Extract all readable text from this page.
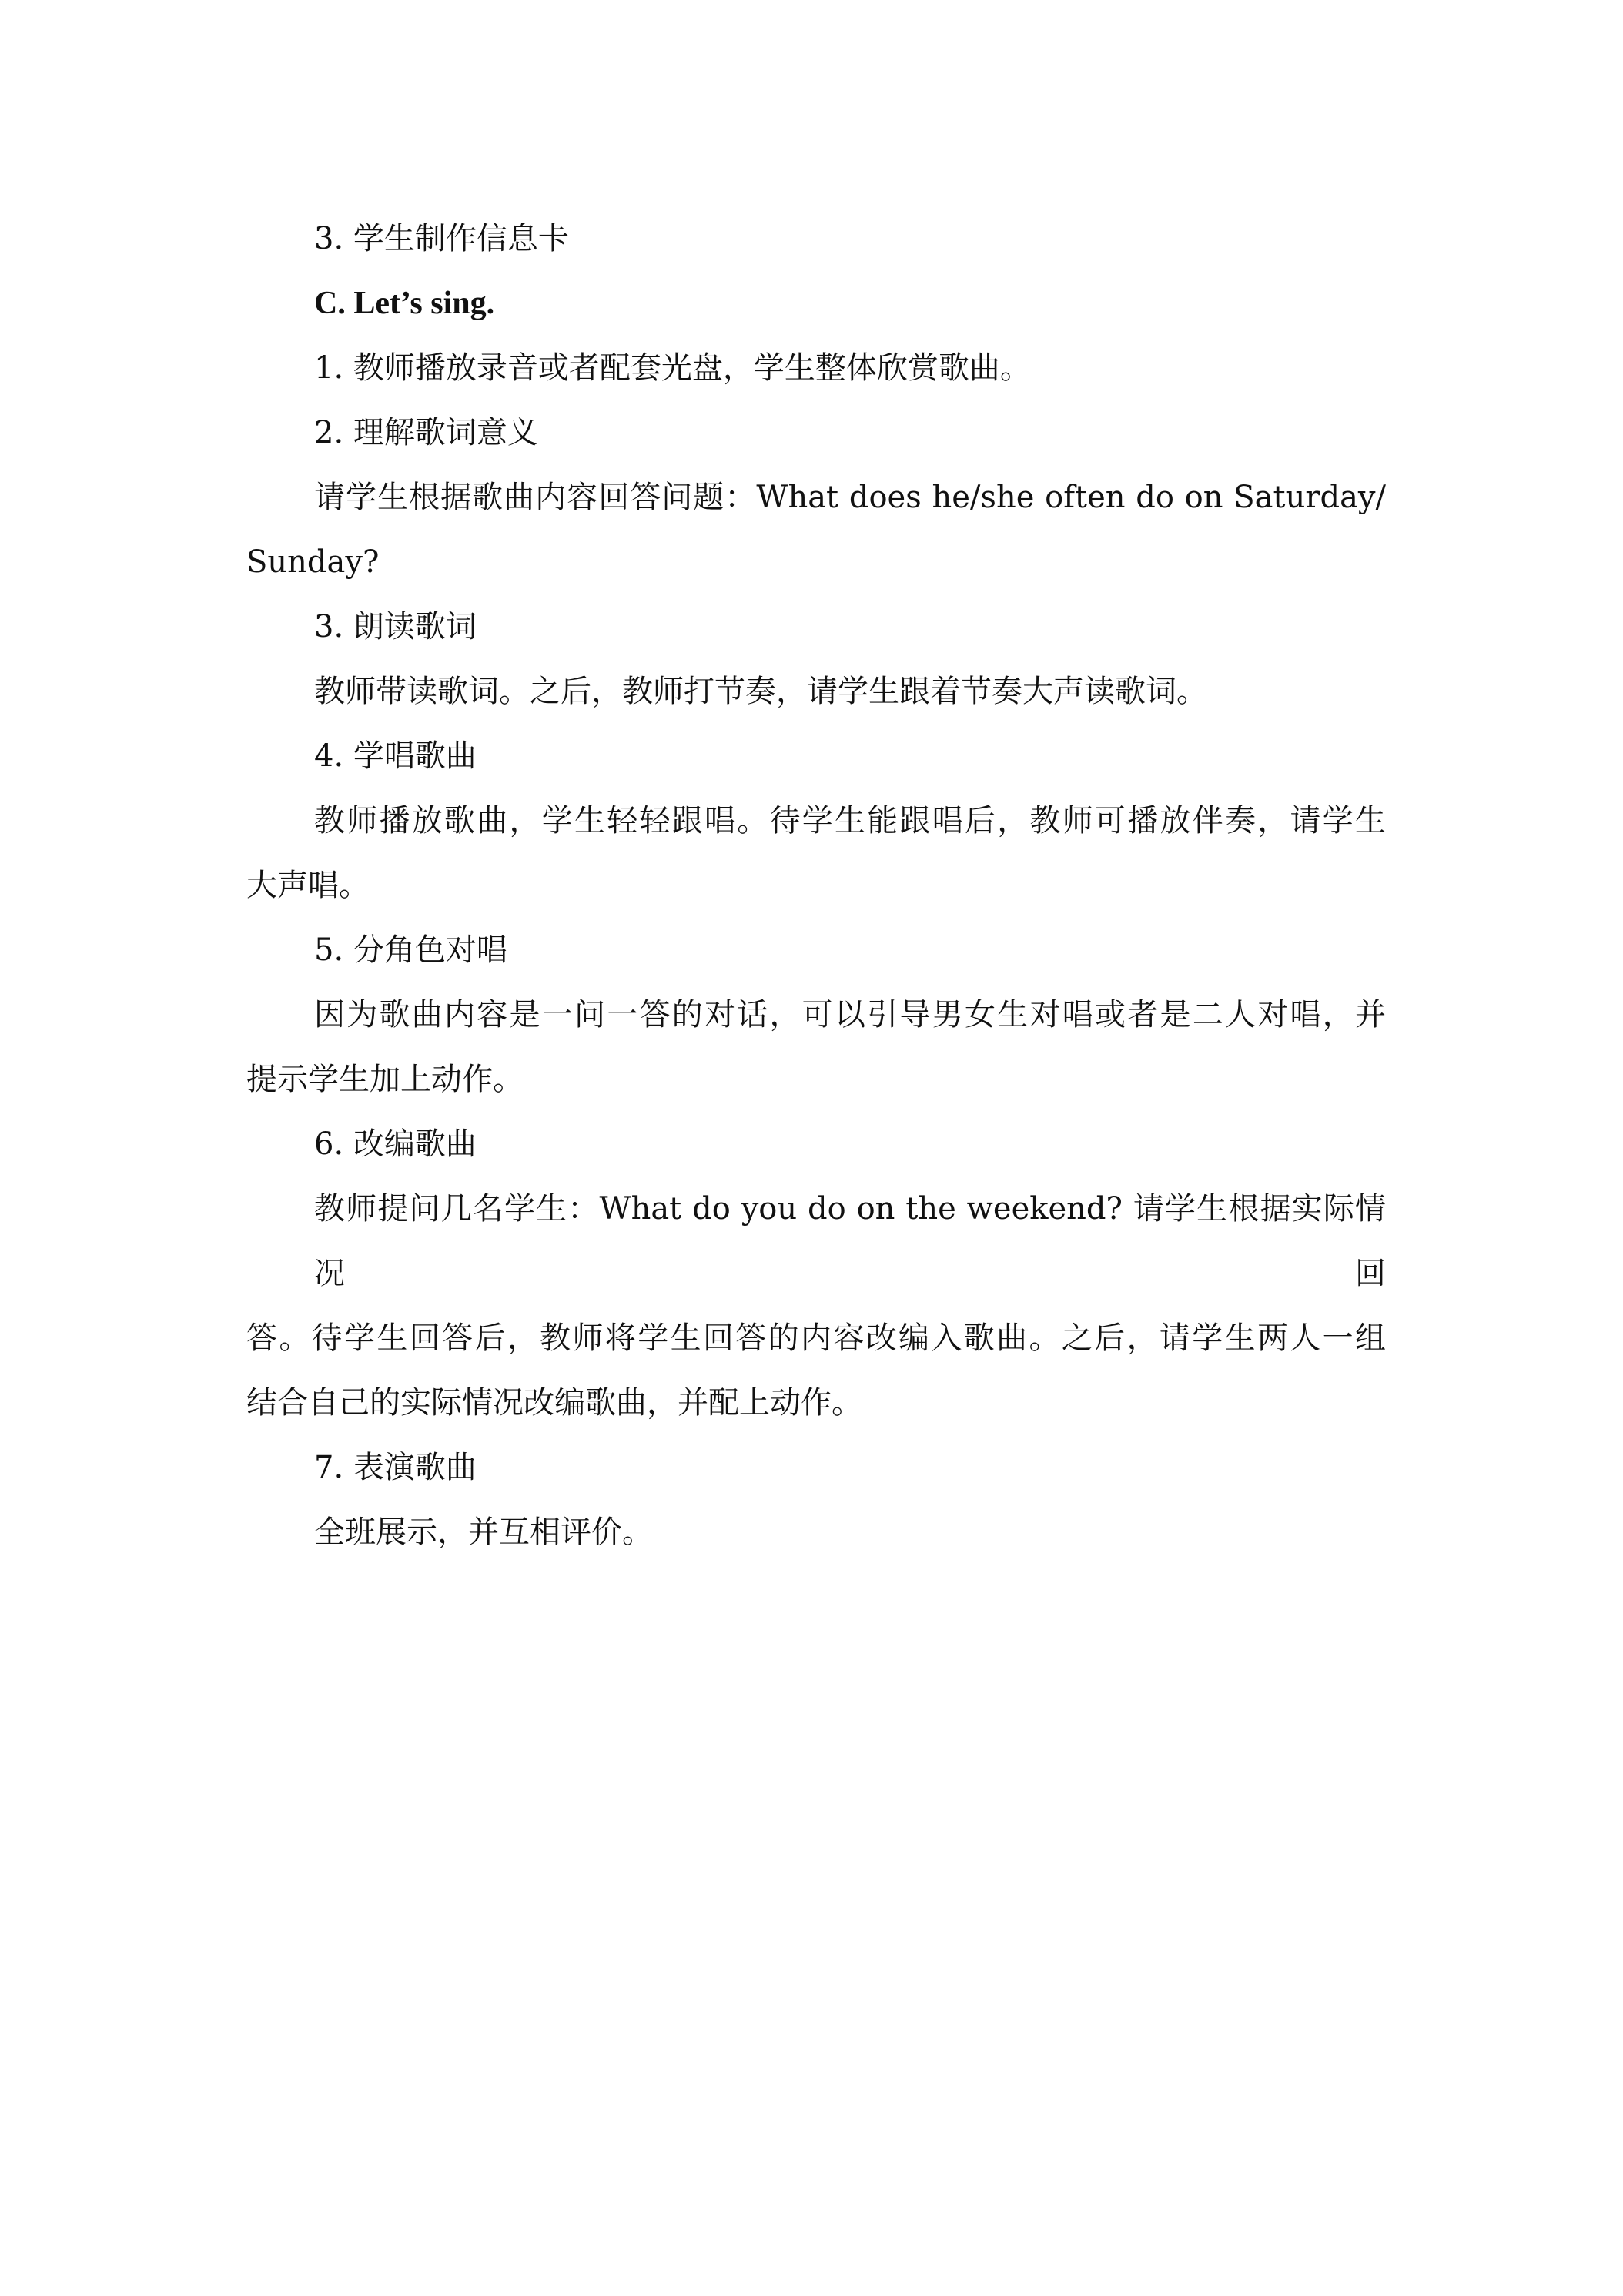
3. 学生制作信息卡

C. Let’s sing.

1. 教师播放录音或者配套光盘，学生整体欣赏歌曲。

2. 理解歌词意义

请学生根据歌曲内容回答问题：What does he/she often do on Saturday/

Sunday?

3. 朗读歌词

教师带读歌词。之后，教师打节奏，请学生跟着节奏大声读歌词。

4. 学唱歌曲

教师播放歌曲，学生轻轻跟唱。待学生能跟唱后，教师可播放伴奏，请学生

大声唱。

5. 分角色对唱

因为歌曲内容是一问一答的对话，可以引导男女生对唱或者是二人对唱，并

提示学生加上动作。

6. 改编歌曲

教师提问几名学生：What do you do on the weekend? 请学生根据实际情况回

答。待学生回答后，教师将学生回答的内容改编入歌曲。之后，请学生两人一组

结合自己的实际情况改编歌曲，并配上动作。

7. 表演歌曲

全班展示，并互相评价。
